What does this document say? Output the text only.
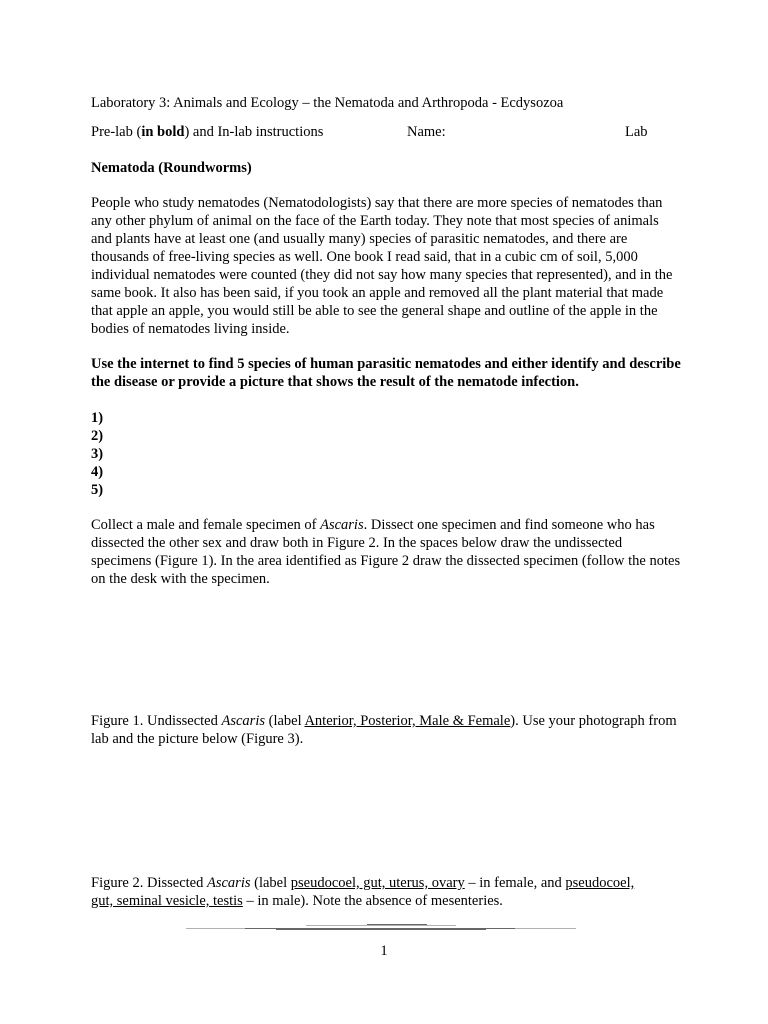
Laboratory 3: Animals and Ecology – the Nematoda and Arthropoda - Ecdysozoa
Pre-lab (in bold) and In-lab instructions	Name:	Lab
Nematoda (Roundworms)

People who study nematodes (Nematodologists) say that there are more species of nematodes than any other phylum of animal on the face of the Earth today. They note that most species of animals and plants have at least one (and usually many) species of parasitic nematodes, and there are thousands of free-living species as well. One book I read said, that in a cubic cm of soil, 5,000 individual nematodes were counted (they did not say how many species that represented), and in the same book. It also has been said, if you took an apple and removed all the plant material that made that apple an apple, you would still be able to see the general shape and outline of the apple in the bodies of nematodes living inside.

Use the internet to find 5 species of human parasitic nematodes and either identify and describe the disease or provide a picture that shows the result of the nematode infection.

1)
2)
3)
4)
5)

Collect a male and female specimen of Ascaris. Dissect one specimen and find someone who has dissected the other sex and draw both in Figure 2. In the spaces below draw the undissected specimens (Figure 1). In the area identified as Figure 2 draw the dissected specimen (follow the notes on the desk with the specimen.

Figure 1. Undissected Ascaris (label Anterior, Posterior, Male & Female). Use your photograph from lab and the picture below (Figure 3).

Figure 2. Dissected Ascaris (label pseudocoel, gut, uterus, ovary – in female, and pseudocoel,
gut, seminal vesicle, testis – in male). Note the absence of mesenteries.

1
